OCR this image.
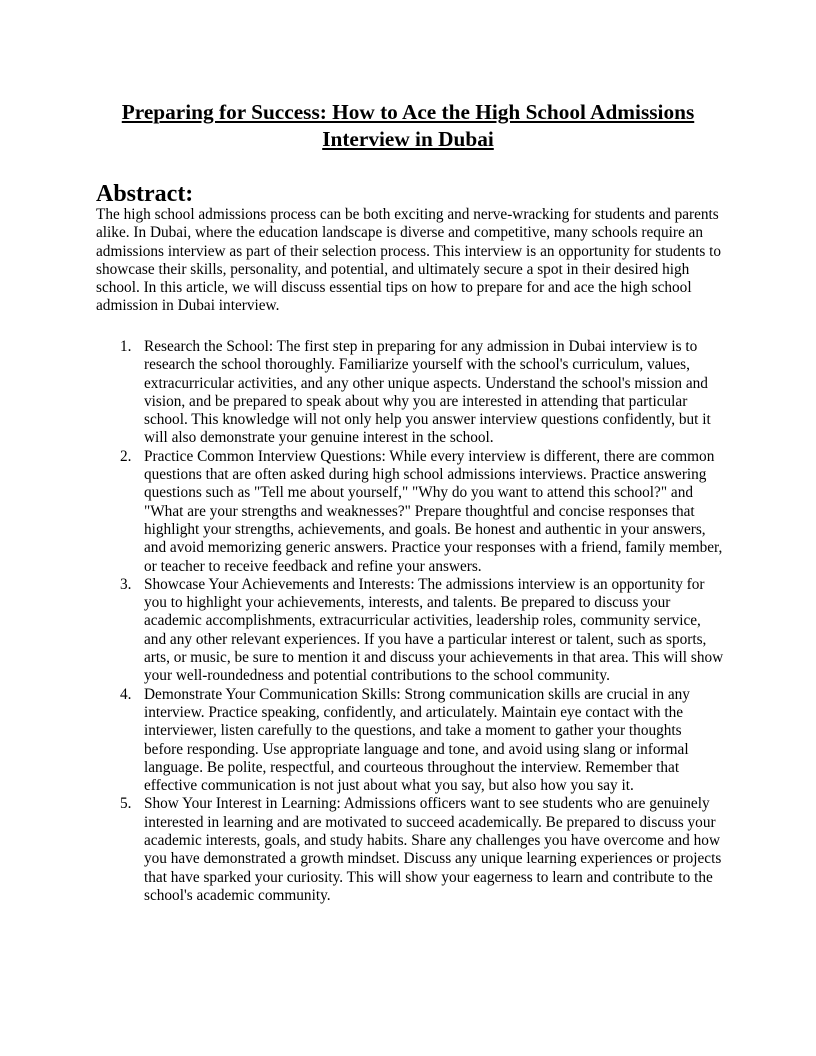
Preparing for Success: How to Ace the High School Admissions Interview in Dubai
Abstract:
The high school admissions process can be both exciting and nerve-wracking for students and parents alike. In Dubai, where the education landscape is diverse and competitive, many schools require an admissions interview as part of their selection process. This interview is an opportunity for students to showcase their skills, personality, and potential, and ultimately secure a spot in their desired high school. In this article, we will discuss essential tips on how to prepare for and ace the high school admission in Dubai interview.
1. Research the School: The first step in preparing for any admission in Dubai interview is to research the school thoroughly. Familiarize yourself with the school's curriculum, values, extracurricular activities, and any other unique aspects. Understand the school's mission and vision, and be prepared to speak about why you are interested in attending that particular school. This knowledge will not only help you answer interview questions confidently, but it will also demonstrate your genuine interest in the school.
2. Practice Common Interview Questions: While every interview is different, there are common questions that are often asked during high school admissions interviews. Practice answering questions such as "Tell me about yourself," "Why do you want to attend this school?" and "What are your strengths and weaknesses?" Prepare thoughtful and concise responses that highlight your strengths, achievements, and goals. Be honest and authentic in your answers, and avoid memorizing generic answers. Practice your responses with a friend, family member, or teacher to receive feedback and refine your answers.
3. Showcase Your Achievements and Interests: The admissions interview is an opportunity for you to highlight your achievements, interests, and talents. Be prepared to discuss your academic accomplishments, extracurricular activities, leadership roles, community service, and any other relevant experiences. If you have a particular interest or talent, such as sports, arts, or music, be sure to mention it and discuss your achievements in that area. This will show your well-roundedness and potential contributions to the school community.
4. Demonstrate Your Communication Skills: Strong communication skills are crucial in any interview. Practice speaking, confidently, and articulately. Maintain eye contact with the interviewer, listen carefully to the questions, and take a moment to gather your thoughts before responding. Use appropriate language and tone, and avoid using slang or informal language. Be polite, respectful, and courteous throughout the interview. Remember that effective communication is not just about what you say, but also how you say it.
5. Show Your Interest in Learning: Admissions officers want to see students who are genuinely interested in learning and are motivated to succeed academically. Be prepared to discuss your academic interests, goals, and study habits. Share any challenges you have overcome and how you have demonstrated a growth mindset. Discuss any unique learning experiences or projects that have sparked your curiosity. This will show your eagerness to learn and contribute to the school's academic community.
